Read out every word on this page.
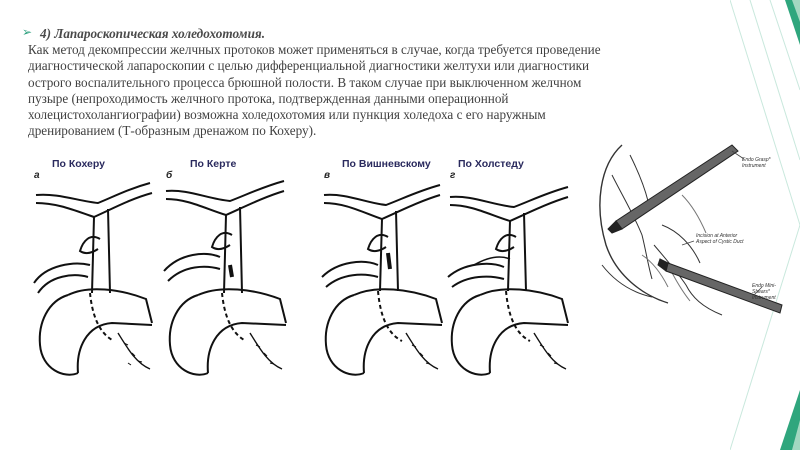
➢ 4) Лапароскопическая холедохотомия.

Как метод декомпрессии желчных протоков может применяться в случае, когда требуется проведение
диагностической лапароскопии с целью дифференциальной диагностики желтухи или диагностики
острого воспалительного процесса брюшной полости. В таком случае при выключенном желчном
пузыре (непроходимость желчного протока, подтвержденная данными операционной
холецистохолангиографии) возможна холедохотомия или пункция холедоха с его наружным
дренированием (Т-образным дренажом по Кохеру).

По Кохеру
а
По Керте
б
По Вишневскому
в
По Холстеду
г
Endo Grasp* Instrument
Incision at Anterior Aspect of Cystic Duct
Endo Mini-Shears* Instrument
